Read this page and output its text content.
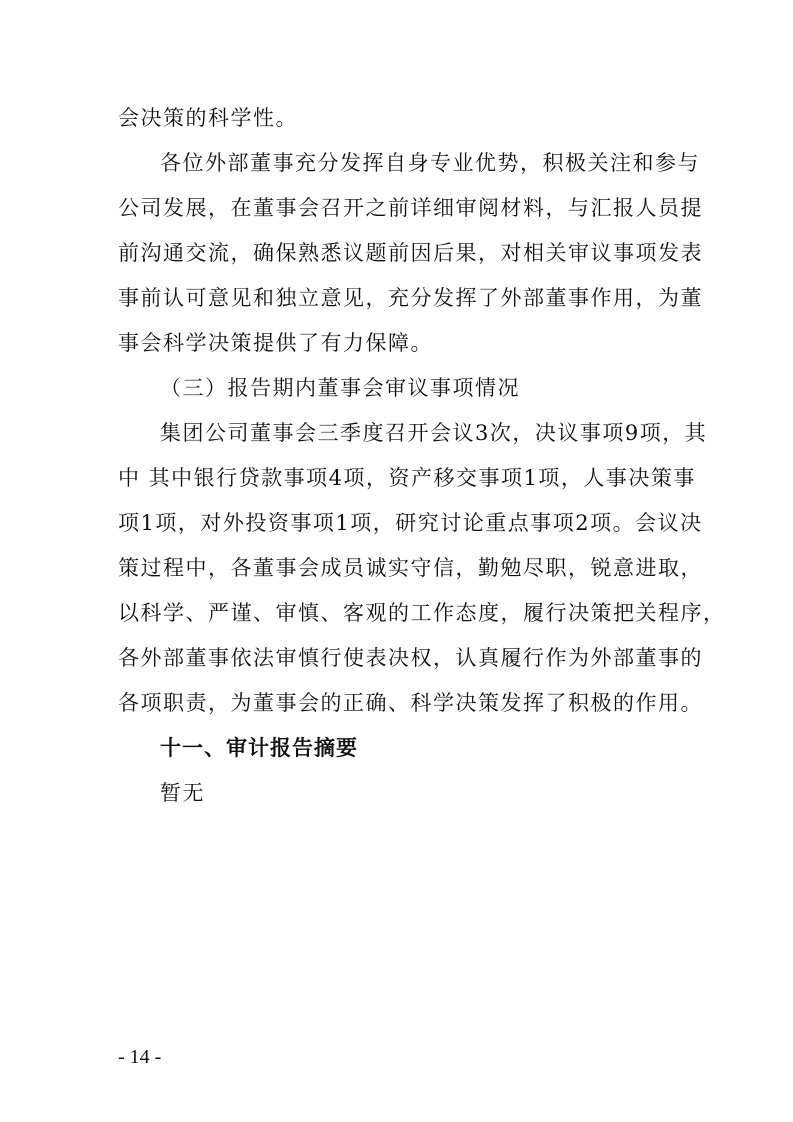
会决策的科学性。
各位外部董事充分发挥自身专业优势，积极关注和参与
公司发展，在董事会召开之前详细审阅材料，与汇报人员提
前沟通交流，确保熟悉议题前因后果，对相关审议事项发表
事前认可意见和独立意见，充分发挥了外部董事作用，为董
事会科学决策提供了有力保障。
（三）报告期内董事会审议事项情况
集团公司董事会三季度召开会议3次，决议事项9项，其
中 其中银行贷款事项4项，资产移交事项1项，人事决策事
项1项，对外投资事项1项，研究讨论重点事项2项。会议决
策过程中，各董事会成员诚实守信，勤勉尽职，锐意进取，
以科学、严谨、审慎、客观的工作态度，履行决策把关程序，
各外部董事依法审慎行使表决权，认真履行作为外部董事的
各项职责，为董事会的正确、科学决策发挥了积极的作用。
十一、审计报告摘要
暂无
- 14 -
